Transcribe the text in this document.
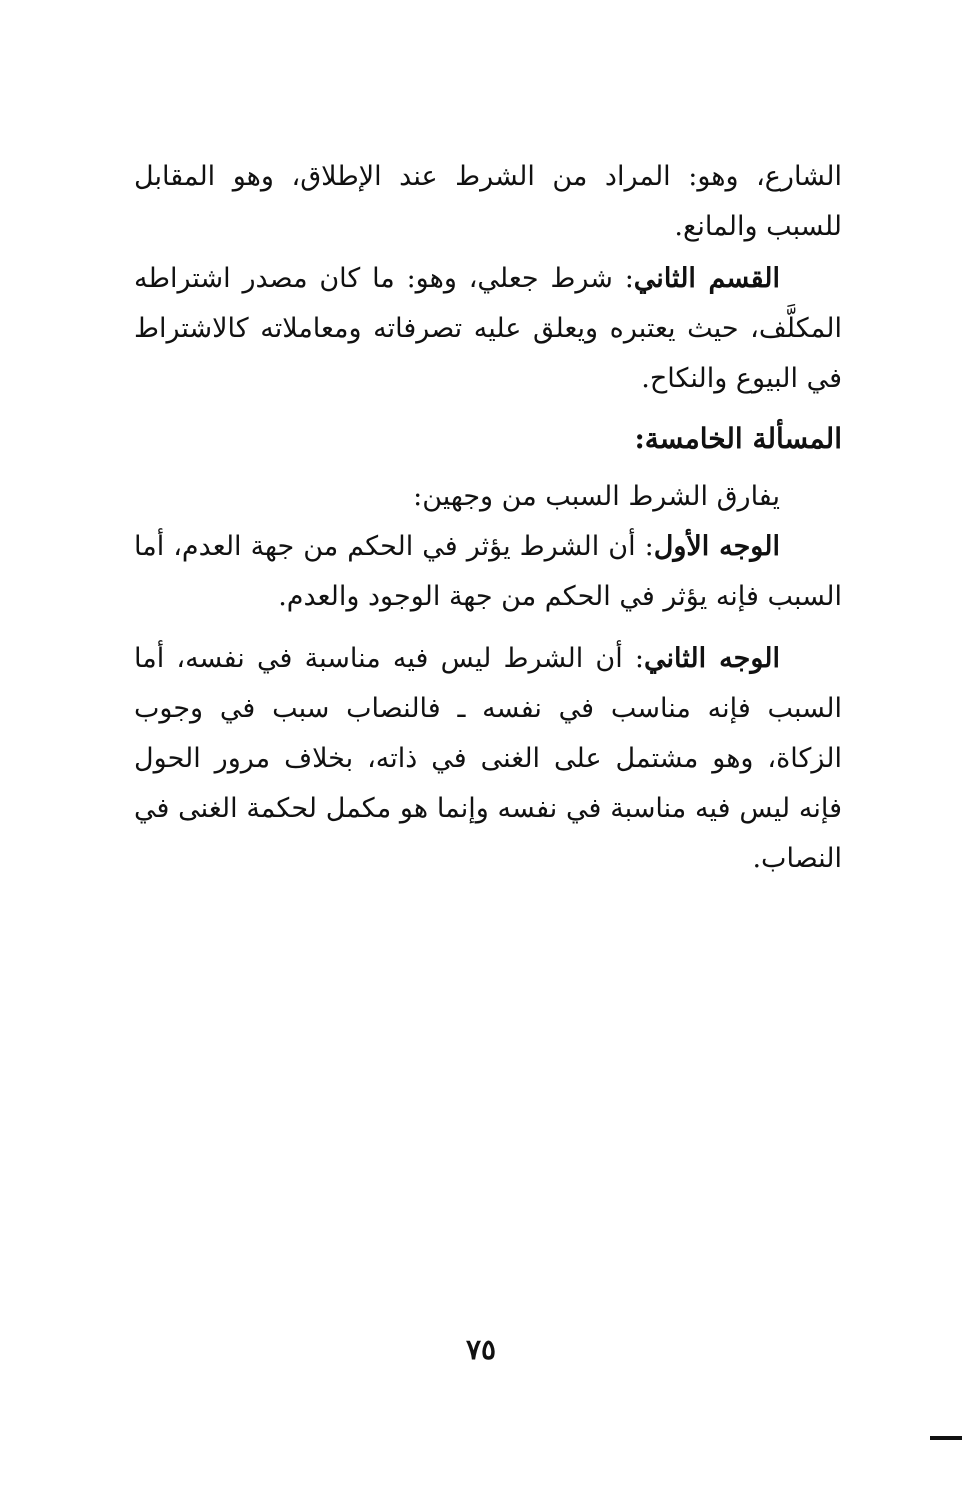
الشارع، وهو: المراد من الشرط عند الإطلاق، وهو المقابل للسبب والمانع.

القسم الثاني: شرط جعلي، وهو: ما كان مصدر اشتراطه المكلَّف، حيث يعتبره ويعلق عليه تصرفاته ومعاملاته كالاشتراط في البيوع والنكاح.

المسألة الخامسة:

يفارق الشرط السبب من وجهين:

الوجه الأول: أن الشرط يؤثر في الحكم من جهة العدم، أما السبب فإنه يؤثر في الحكم من جهة الوجود والعدم.

الوجه الثاني: أن الشرط ليس فيه مناسبة في نفسه، أما السبب فإنه مناسب في نفسه ـ فالنصاب سبب في وجوب الزكاة، وهو مشتمل على الغنى في ذاته، بخلاف مرور الحول فإنه ليس فيه مناسبة في نفسه وإنما هو مكمل لحكمة الغنى في النصاب.

٧٥
